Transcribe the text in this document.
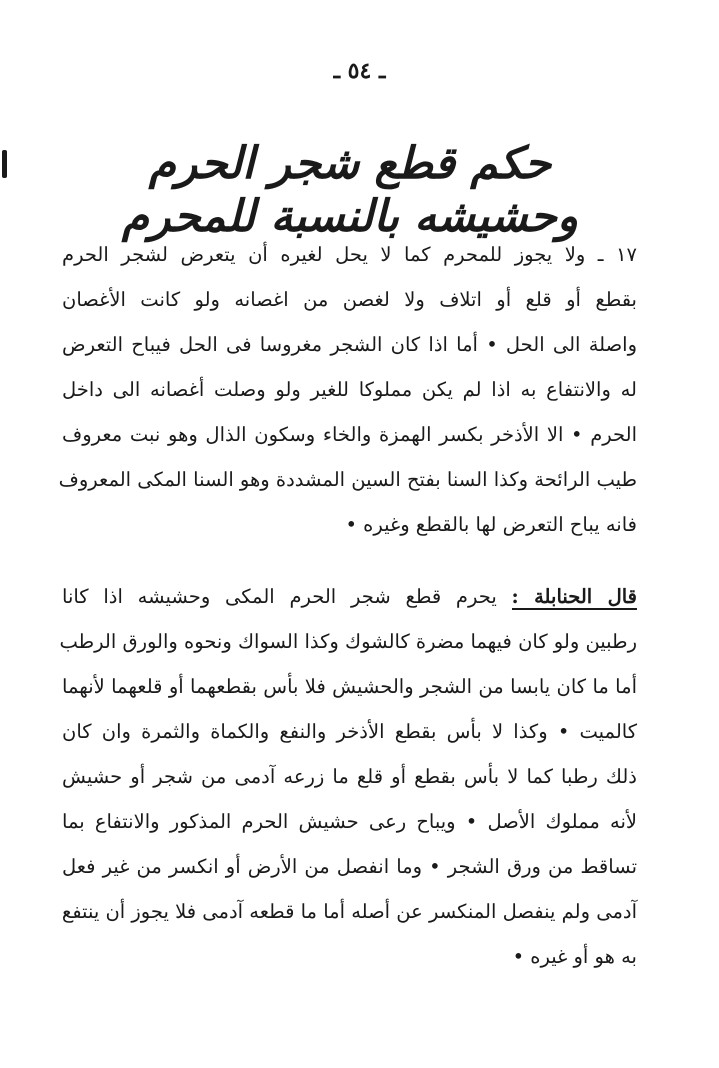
ـ ٥٤ ـ
حكم قطع شجر الحرم وحشيشه بالنسبة للمحرم
١٧ ـ ولا يجوز للمحرم كما لا يحل لغيره أن يتعرض لشجر الحرم
بقطع أو قلع أو اتلاف ولا لغصن من اغصانه ولو كانت الأغصان
واصلة الى الحل • أما اذا كان الشجر مغروسا فى الحل فيباح التعرض
له والانتفاع به اذا لم يكن مملوكا للغير ولو وصلت أغصانه الى داخل
الحرم • الا الأذخر بكسر الهمزة والخاء وسكون الذال وهو نبت معروف
طيب الرائحة وكذا السنا بفتح السين المشددة وهو السنا المكى المعروف
فانه يباح التعرض لها بالقطع وغيره •
قال الحنابلة : يحرم قطع شجر الحرم المكى وحشيشه اذا كانا
رطبين ولو كان فيهما مضرة كالشوك وكذا السواك ونحوه والورق الرطب
أما ما كان يابسا من الشجر والحشيش فلا بأس بقطعهما أو قلعهما لأنهما
كالميت • وكذا لا بأس بقطع الأذخر والنفع والكماة والثمرة وان كان
ذلك رطبا كما لا بأس بقطع أو قلع ما زرعه آدمى من شجر أو حشيش
لأنه مملوك الأصل • ويباح رعى حشيش الحرم المذكور والانتفاع بما
تساقط من ورق الشجر • وما انفصل من الأرض أو انكسر من غير فعل
آدمى ولم ينفصل المنكسر عن أصله أما ما قطعه آدمى فلا يجوز أن ينتفع
به هو أو غيره •
